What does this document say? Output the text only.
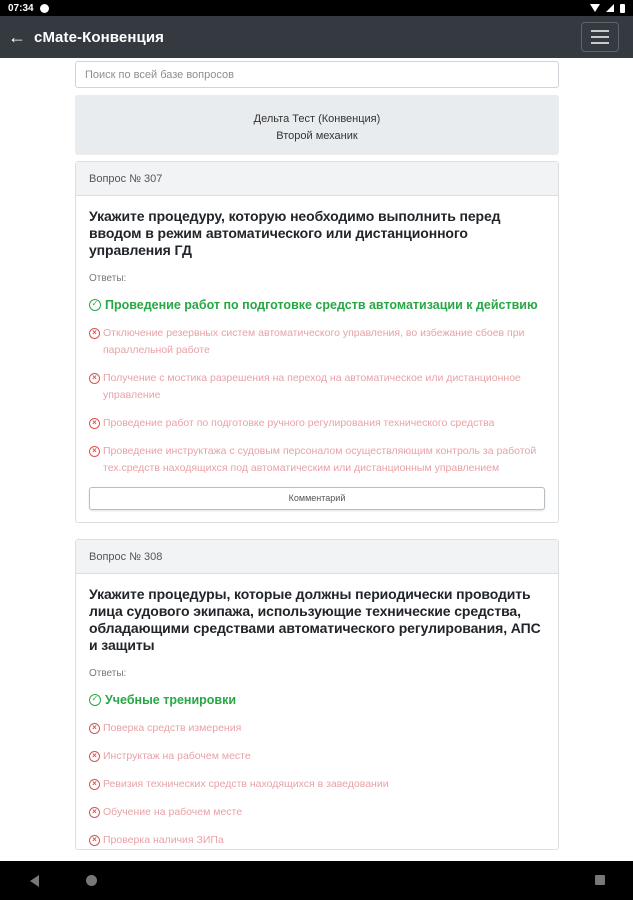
07:34
← cMate-Конвенция
Поиск по всей базе вопросов
Дельта Тест (Конвенция)
Второй механик
Вопрос № 307
Укажите процедуру, которую необходимо выполнить перед вводом в режим автоматического или дистанционного управления ГД
Ответы:
✓ Проведение работ по подготовке средств автоматизации к действию
× Отключение резервных систем автоматического управления, во избежание сбоев при параллельной работе
× Получение с мостика разрешения на переход на автоматическое или дистанционное управление
× Проведение работ по подготовке ручного регулирования технического средства
× Проведение инструктажа с судовым персоналом осуществляющим контроль за работой тех.средств находящихся под автоматическим или дистанционным управлением
Комментарий
Вопрос № 308
Укажите процедуры, которые должны периодически проводить лица судового экипажа, использующие технические средства, обладающими средствами автоматического регулирования, АПС и защиты
Ответы:
✓ Учебные тренировки
× Поверка средств измерения
× Инструктаж на рабочем месте
× Ревизия технических средств находящихся в заведовании
× Обучение на рабочем месте
× Проверка наличия ЗИПа
